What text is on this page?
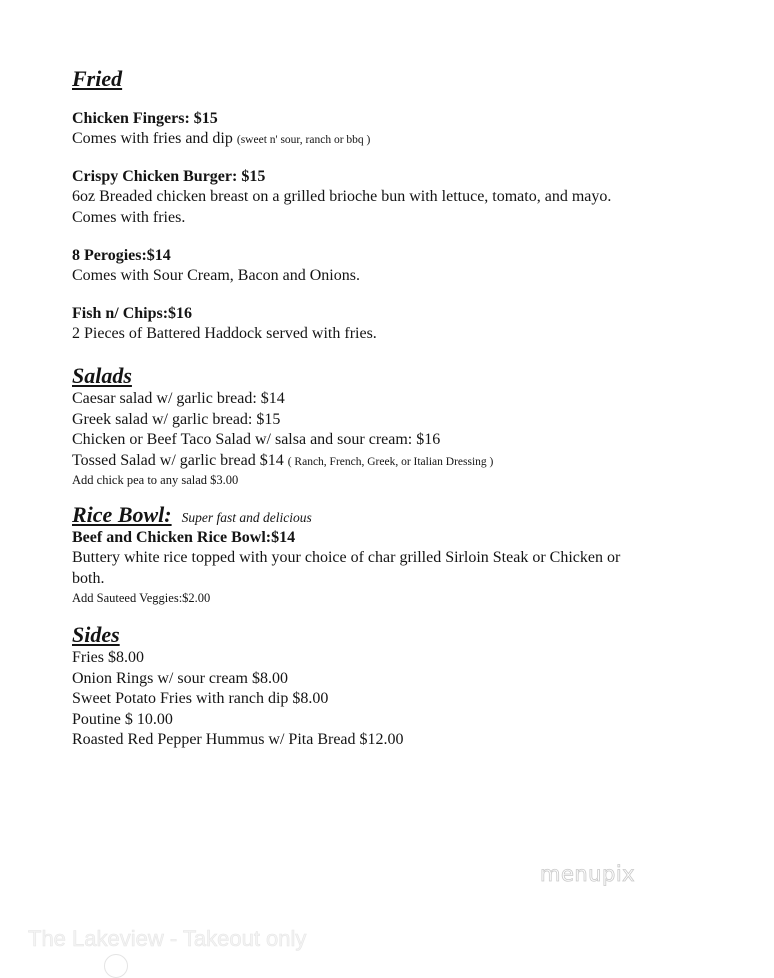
Fried
Chicken Fingers: $15
Comes with fries and dip (sweet n' sour, ranch or bbq )
Crispy Chicken Burger: $15
6oz Breaded chicken breast on a grilled brioche bun with lettuce, tomato, and mayo.
Comes with fries.
8 Perogies:$14
Comes with Sour Cream, Bacon and Onions.
Fish n/ Chips:$16
2 Pieces of Battered Haddock served with fries.
Salads
Caesar salad w/ garlic bread: $14
Greek salad w/ garlic bread: $15
Chicken or Beef Taco Salad w/ salsa and sour cream: $16
Tossed Salad w/ garlic bread $14 ( Ranch, French, Greek, or Italian Dressing )
Add chick pea to any salad $3.00
Rice Bowl: Super fast and delicious
Beef and Chicken Rice Bowl:$14
Buttery white rice topped with your choice of char grilled Sirloin Steak or Chicken or
both.
Add Sauteed Veggies:$2.00
Sides
Fries $8.00
Onion Rings w/ sour cream $8.00
Sweet Potato Fries with ranch dip $8.00
Poutine $ 10.00
Roasted Red Pepper Hummus w/ Pita Bread $12.00
menupix
The Lakeview - Takeout only
